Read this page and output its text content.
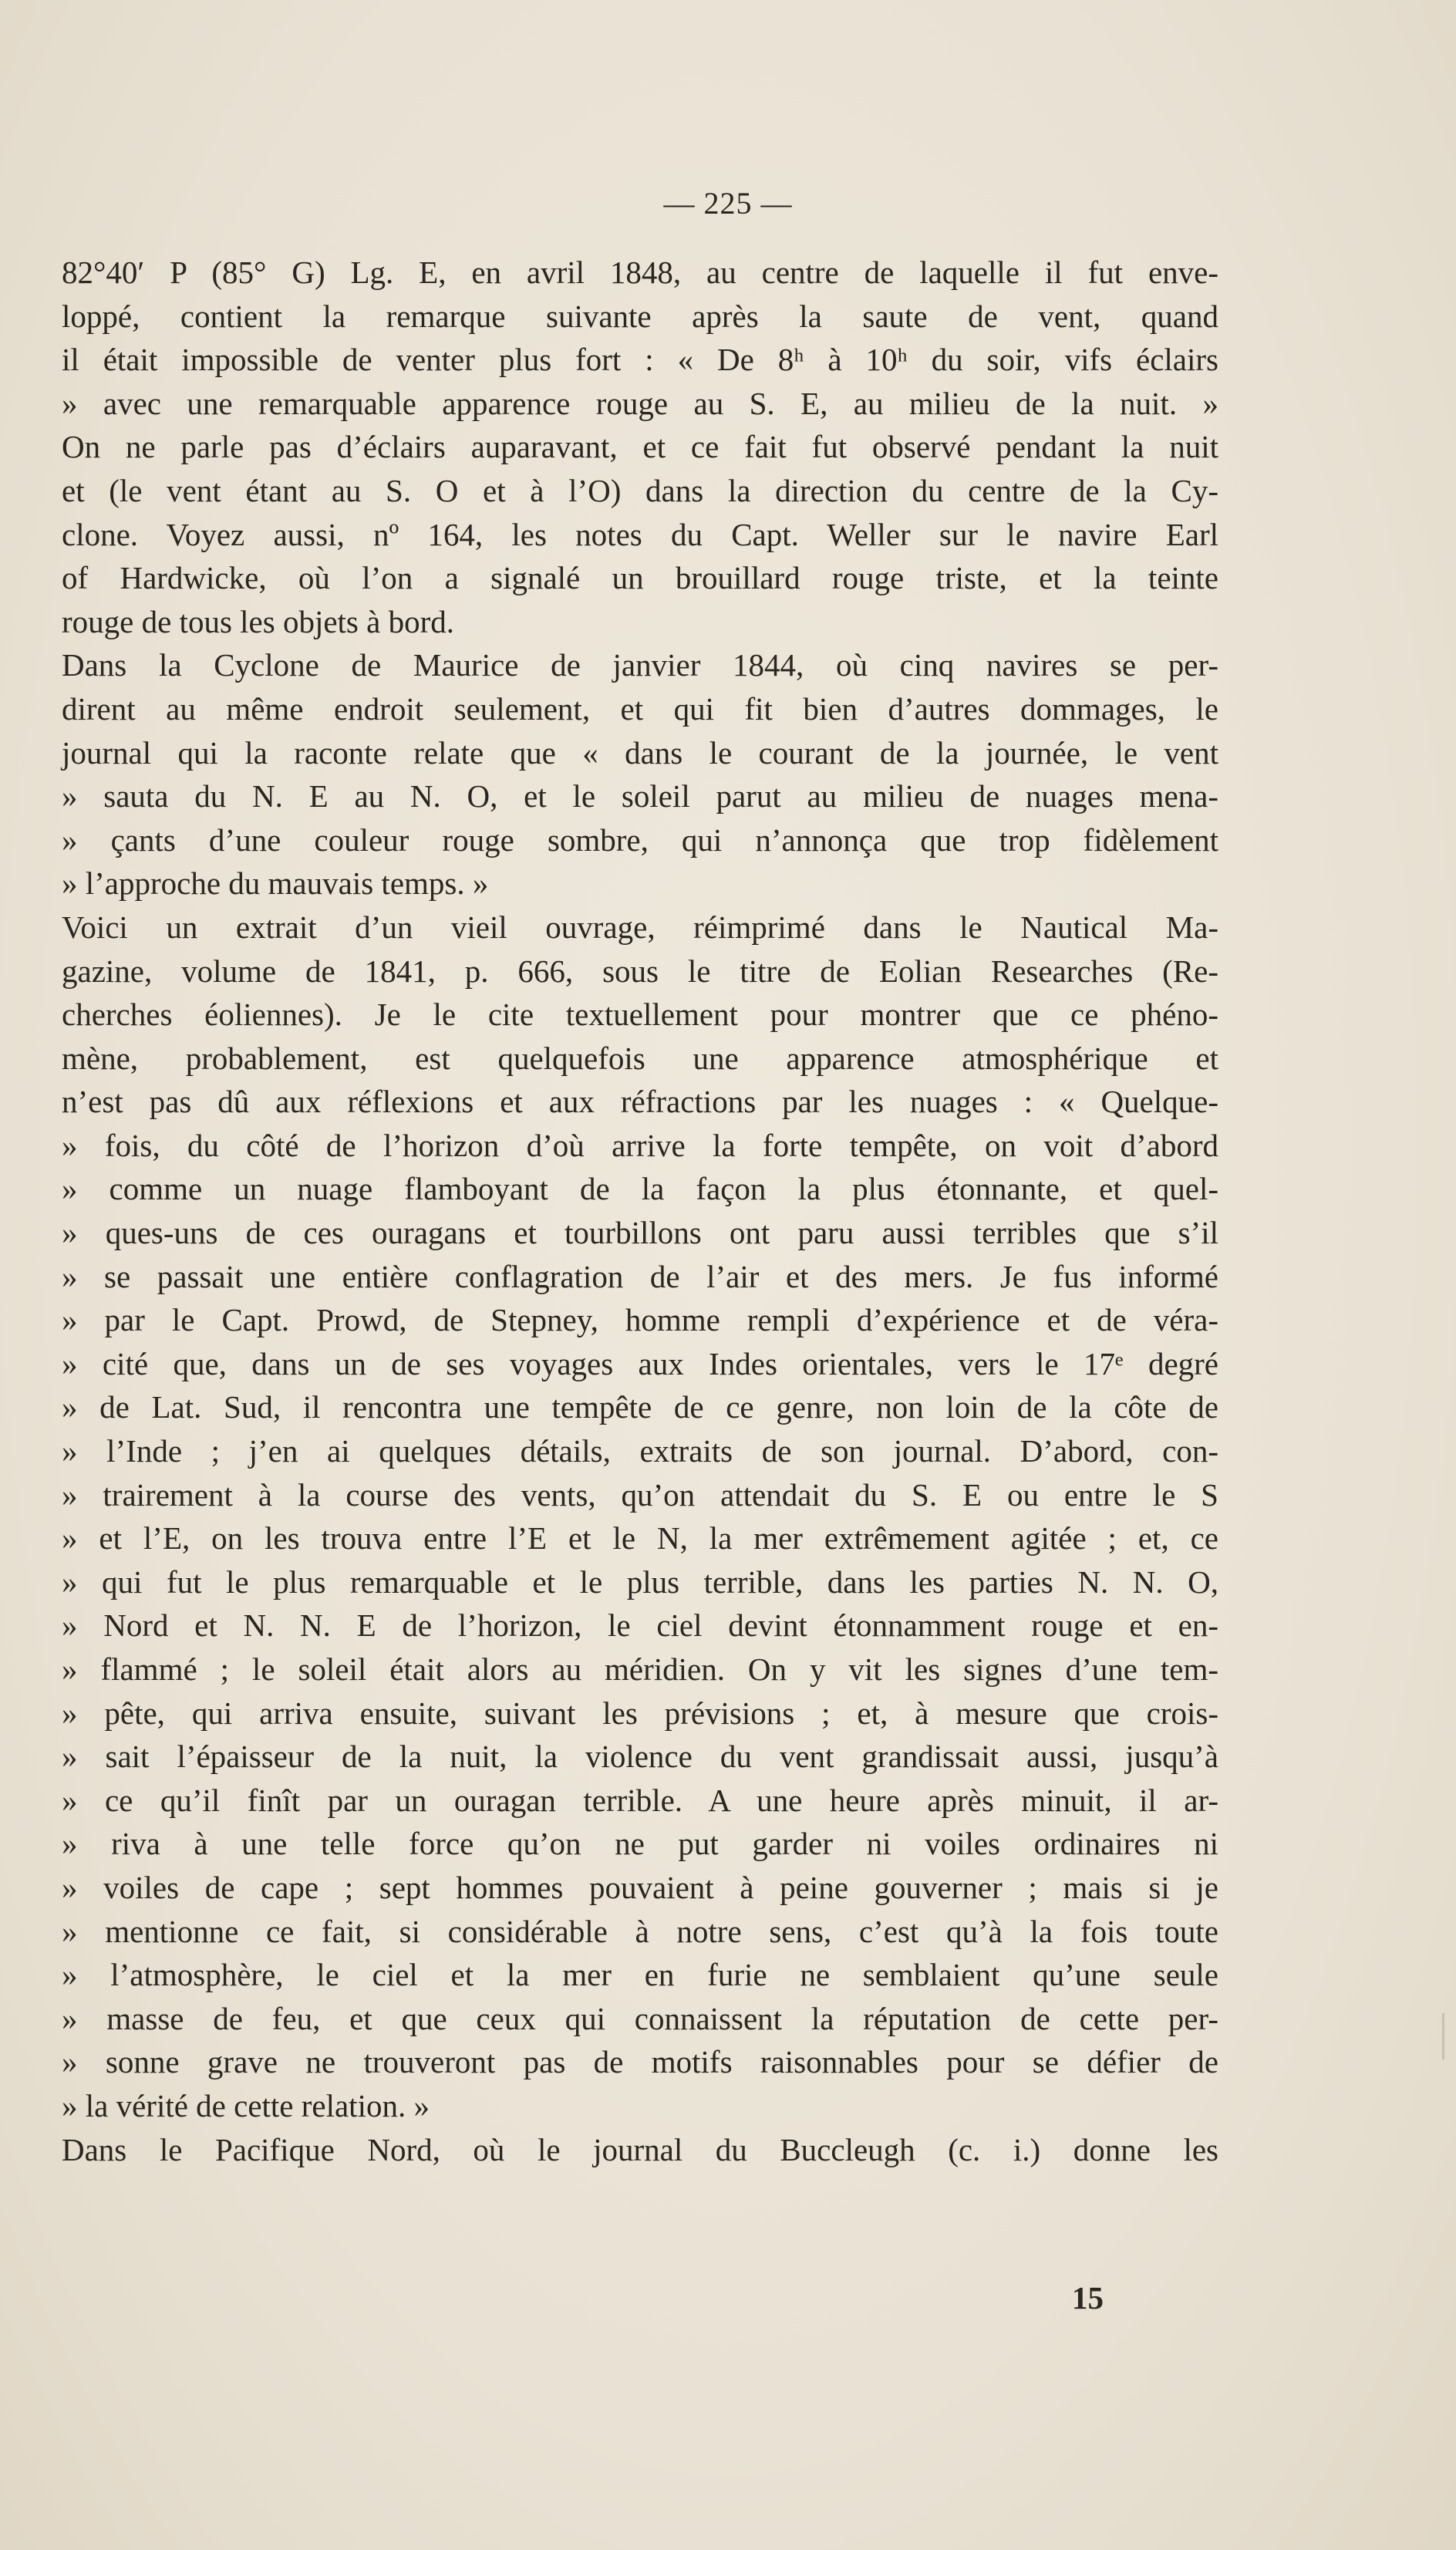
— 225 —
82°40′ P (85° G) Lg. E, en avril 1848, au centre de laquelle il fut enve-
loppé, contient la remarque suivante après la saute de vent, quand
il était impossible de venter plus fort : « De 8ʰ à 10ʰ du soir, vifs éclairs
» avec une remarquable apparence rouge au S. E, au milieu de la nuit. »
On ne parle pas d’éclairs auparavant, et ce fait fut observé pendant la nuit
et (le vent étant au S. O et à l’O) dans la direction du centre de la Cy-
clone. Voyez aussi, nº 164, les notes du Capt. Weller sur le navire Earl
of Hardwicke, où l’on a signalé un brouillard rouge triste, et la teinte
rouge de tous les objets à bord.
Dans la Cyclone de Maurice de janvier 1844, où cinq navires se per-
dirent au même endroit seulement, et qui fit bien d’autres dommages, le
journal qui la raconte relate que « dans le courant de la journée, le vent
» sauta du N. E au N. O, et le soleil parut au milieu de nuages mena-
» çants d’une couleur rouge sombre, qui n’annonça que trop fidèlement
» l’approche du mauvais temps. »
Voici un extrait d’un vieil ouvrage, réimprimé dans le Nautical Ma-
gazine, volume de 1841, p. 666, sous le titre de Eolian Researches (Re-
cherches éoliennes). Je le cite textuellement pour montrer que ce phéno-
mène, probablement, est quelquefois une apparence atmosphérique et
n’est pas dû aux réflexions et aux réfractions par les nuages : « Quelque-
» fois, du côté de l’horizon d’où arrive la forte tempête, on voit d’abord
» comme un nuage flamboyant de la façon la plus étonnante, et quel-
» ques-uns de ces ouragans et tourbillons ont paru aussi terribles que s’il
» se passait une entière conflagration de l’air et des mers. Je fus informé
» par le Capt. Prowd, de Stepney, homme rempli d’expérience et de véra-
» cité que, dans un de ses voyages aux Indes orientales, vers le 17ᵉ degré
» de Lat. Sud, il rencontra une tempête de ce genre, non loin de la côte de
» l’Inde ; j’en ai quelques détails, extraits de son journal. D’abord, con-
» trairement à la course des vents, qu’on attendait du S. E ou entre le S
» et l’E, on les trouva entre l’E et le N, la mer extrêmement agitée ; et, ce
» qui fut le plus remarquable et le plus terrible, dans les parties N. N. O,
» Nord et N. N. E de l’horizon, le ciel devint étonnamment rouge et en-
» flammé ; le soleil était alors au méridien. On y vit les signes d’une tem-
» pête, qui arriva ensuite, suivant les prévisions ; et, à mesure que crois-
» sait l’épaisseur de la nuit, la violence du vent grandissait aussi, jusqu’à
» ce qu’il finît par un ouragan terrible. A une heure après minuit, il ar-
» riva à une telle force qu’on ne put garder ni voiles ordinaires ni
» voiles de cape ; sept hommes pouvaient à peine gouverner ; mais si je
» mentionne ce fait, si considérable à notre sens, c’est qu’à la fois toute
» l’atmosphère, le ciel et la mer en furie ne semblaient qu’une seule
» masse de feu, et que ceux qui connaissent la réputation de cette per-
» sonne grave ne trouveront pas de motifs raisonnables pour se défier de
» la vérité de cette relation. »
Dans le Pacifique Nord, où le journal du Buccleugh (c. i.) donne les
15
